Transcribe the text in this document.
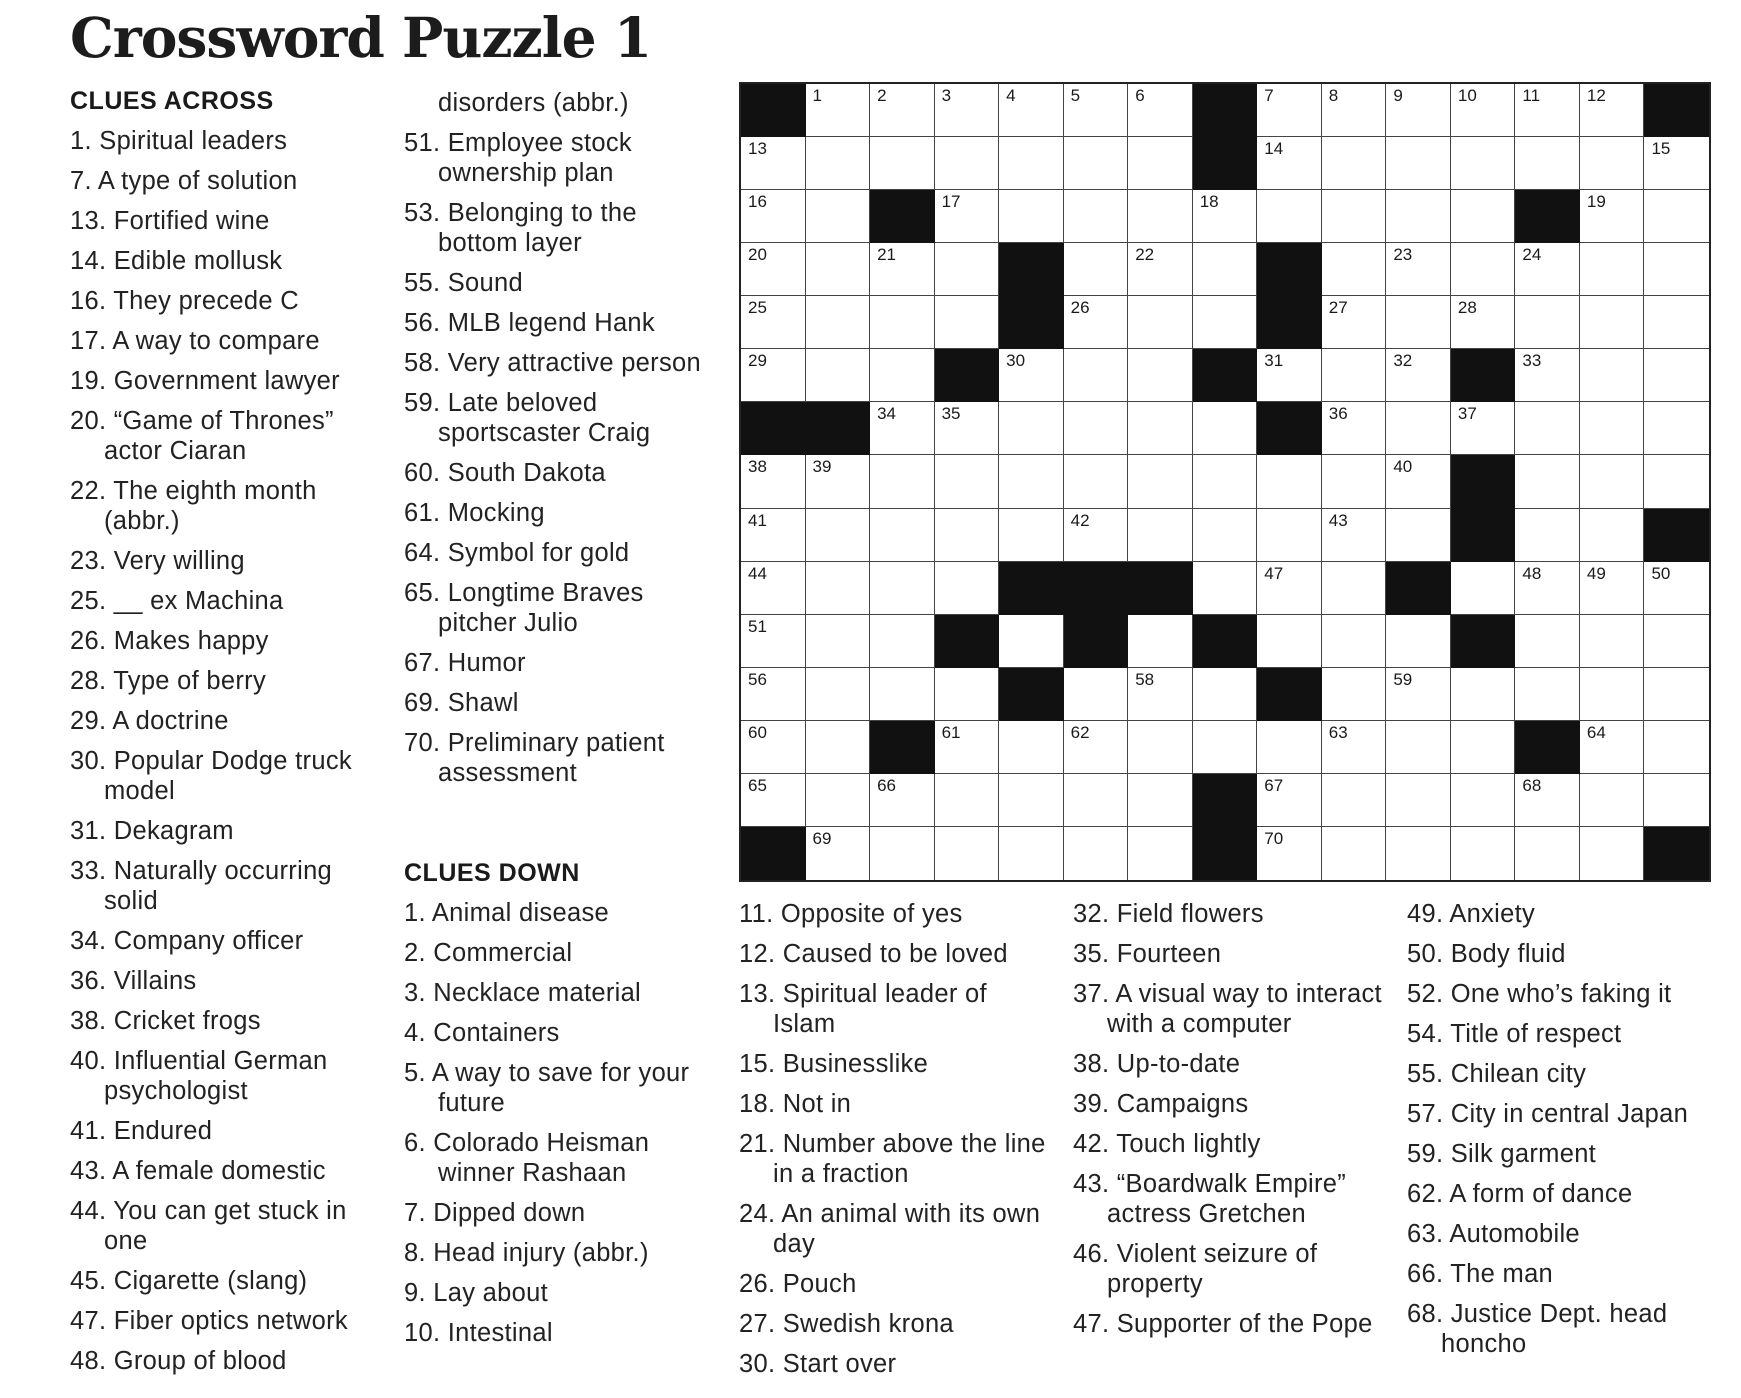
Crossword Puzzle 1
CLUES ACROSS
1. Spiritual leaders
7. A type of solution
13. Fortified wine
14. Edible mollusk
16. They precede C
17. A way to compare
19. Government lawyer
20. “Game of Thrones” actor Ciaran
22. The eighth month (abbr.)
23. Very willing
25. __ ex Machina
26. Makes happy
28. Type of berry
29. A doctrine
30. Popular Dodge truck model
31. Dekagram
33. Naturally occurring solid
34. Company officer
36. Villains
38. Cricket frogs
40. Influential German psychologist
41. Endured
43. A female domestic
44. You can get stuck in one
45. Cigarette (slang)
47. Fiber optics network
48. Group of blood
disorders (abbr.)
51. Employee stock ownership plan
53. Belonging to the bottom layer
55. Sound
56. MLB legend Hank
58. Very attractive person
59. Late beloved sportscaster Craig
60. South Dakota
61. Mocking
64. Symbol for gold
65. Longtime Braves pitcher Julio
67. Humor
69. Shawl
70. Preliminary patient assessment
CLUES DOWN
1. Animal disease
2. Commercial
3. Necklace material
4. Containers
5. A way to save for your future
6. Colorado Heisman winner Rashaan
7. Dipped down
8. Head injury (abbr.)
9. Lay about
10. Intestinal
11. Opposite of yes
12. Caused to be loved
13. Spiritual leader of Islam
15. Businesslike
18. Not in
21. Number above the line in a fraction
24. An animal with its own day
26. Pouch
27. Swedish krona
30. Start over
32. Field flowers
35. Fourteen
37. A visual way to interact with a computer
38. Up-to-date
39. Campaigns
42. Touch lightly
43. “Boardwalk Empire” actress Gretchen
46. Violent seizure of property
47. Supporter of the Pope
49. Anxiety
50. Body fluid
52. One who’s faking it
54. Title of respect
55. Chilean city
57. City in central Japan
59. Silk garment
62. A form of dance
63. Automobile
66. The man
68. Justice Dept. head honcho
1	2	3	4	5	6	7	8	9	10	11	12
13	14	15
16	17	18	19
20	21	22	23	24
25	26	27	28
29	30	31	32	33
34	35	36	37
38	39	40
41	42	43
44	47	48	49	50
51
56	58	59
60	61	62	63	64
65	66	67	68
69	70
